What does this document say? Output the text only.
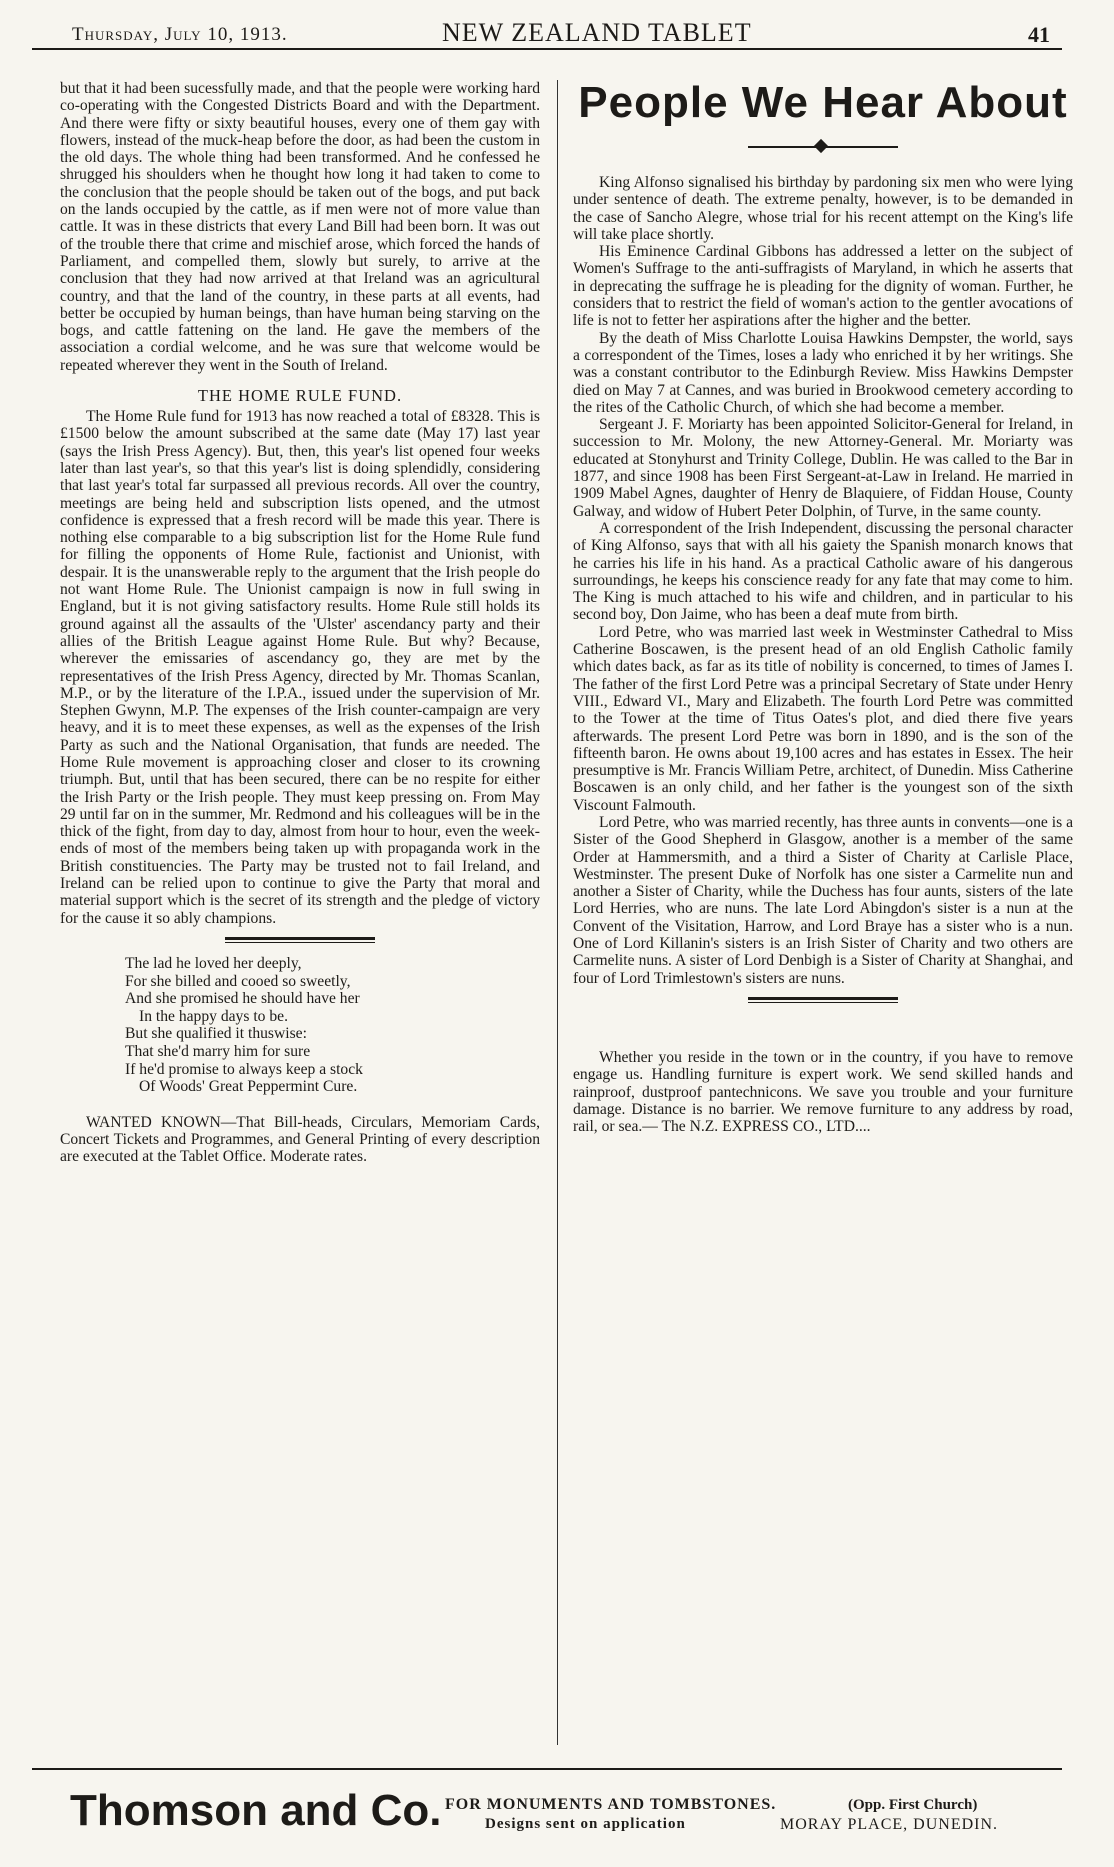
Thursday, July 10, 1913.	NEW ZEALAND TABLET	41

but that it had been sucessfully made, and that the people were working hard co-operating with the Congested Districts Board and with the Department. And there were fifty or sixty beautiful houses, every one of them gay with flowers, instead of the muck-heap before the door, as had been the custom in the old days. The whole thing had been transformed. And he confessed he shrugged his shoulders when he thought how long it had taken to come to the conclusion that the people should be taken out of the bogs, and put back on the lands occupied by the cattle, as if men were not of more value than cattle. It was in these districts that every Land Bill had been born. It was out of the trouble there that crime and mischief arose, which forced the hands of Parliament, and compelled them, slowly but surely, to arrive at the conclusion that they had now arrived at that Ireland was an agricultural country, and that the land of the country, in these parts at all events, had better be occupied by human beings, than have human being starving on the bogs, and cattle fattening on the land. He gave the members of the association a cordial welcome, and he was sure that welcome would be repeated wherever they went in the South of Ireland.

THE HOME RULE FUND.

The Home Rule fund for 1913 has now reached a total of £8328. This is £1500 below the amount subscribed at the same date (May 17) last year (says the Irish Press Agency). But, then, this year's list opened four weeks later than last year's, so that this year's list is doing splendidly, considering that last year's total far surpassed all previous records. All over the country, meetings are being held and subscription lists opened, and the utmost confidence is expressed that a fresh record will be made this year. There is nothing else comparable to a big subscription list for the Home Rule fund for filling the opponents of Home Rule, factionist and Unionist, with despair. It is the unanswerable reply to the argument that the Irish people do not want Home Rule. The Unionist campaign is now in full swing in England, but it is not giving satisfactory results. Home Rule still holds its ground against all the assaults of the 'Ulster' ascendancy party and their allies of the British League against Home Rule. But why? Because, wherever the emissaries of ascendancy go, they are met by the representatives of the Irish Press Agency, directed by Mr. Thomas Scanlan, M.P., or by the literature of the I.P.A., issued under the supervision of Mr. Stephen Gwynn, M.P. The expenses of the Irish counter-campaign are very heavy, and it is to meet these expenses, as well as the expenses of the Irish Party as such and the National Organisation, that funds are needed. The Home Rule movement is approaching closer and closer to its crowning triumph. But, until that has been secured, there can be no respite for either the Irish Party or the Irish people. They must keep pressing on. From May 29 until far on in the summer, Mr. Redmond and his colleagues will be in the thick of the fight, from day to day, almost from hour to hour, even the week-ends of most of the members being taken up with propaganda work in the British constituencies. The Party may be trusted not to fail Ireland, and Ireland can be relied upon to continue to give the Party that moral and material support which is the secret of its strength and the pledge of victory for the cause it so ably champions.

The lad he loved her deeply,

For she billed and cooed so sweetly,

And she promised he should have her

In the happy days to be.

But she qualified it thuswise:

That she'd marry him for sure

If he'd promise to always keep a stock

Of Woods' Great Peppermint Cure.

WANTED KNOWN—That Bill-heads, Circulars, Memoriam Cards, Concert Tickets and Programmes, and General Printing of every description are executed at the Tablet Office. Moderate rates.

People We Hear About

King Alfonso signalised his birthday by pardoning six men who were lying under sentence of death. The extreme penalty, however, is to be demanded in the case of Sancho Alegre, whose trial for his recent attempt on the King's life will take place shortly.

His Eminence Cardinal Gibbons has addressed a letter on the subject of Women's Suffrage to the anti-suffragists of Maryland, in which he asserts that in deprecating the suffrage he is pleading for the dignity of woman. Further, he considers that to restrict the field of woman's action to the gentler avocations of life is not to fetter her aspirations after the higher and the better.

By the death of Miss Charlotte Louisa Hawkins Dempster, the world, says a correspondent of the Times, loses a lady who enriched it by her writings. She was a constant contributor to the Edinburgh Review. Miss Hawkins Dempster died on May 7 at Cannes, and was buried in Brookwood cemetery according to the rites of the Catholic Church, of which she had become a member.

Sergeant J. F. Moriarty has been appointed Solicitor-General for Ireland, in succession to Mr. Molony, the new Attorney-General. Mr. Moriarty was educated at Stonyhurst and Trinity College, Dublin. He was called to the Bar in 1877, and since 1908 has been First Sergeant-at-Law in Ireland. He married in 1909 Mabel Agnes, daughter of Henry de Blaquiere, of Fiddan House, County Galway, and widow of Hubert Peter Dolphin, of Turve, in the same county.

A correspondent of the Irish Independent, discussing the personal character of King Alfonso, says that with all his gaiety the Spanish monarch knows that he carries his life in his hand. As a practical Catholic aware of his dangerous surroundings, he keeps his conscience ready for any fate that may come to him. The King is much attached to his wife and children, and in particular to his second boy, Don Jaime, who has been a deaf mute from birth.

Lord Petre, who was married last week in Westminster Cathedral to Miss Catherine Boscawen, is the present head of an old English Catholic family which dates back, as far as its title of nobility is concerned, to times of James I. The father of the first Lord Petre was a principal Secretary of State under Henry VIII., Edward VI., Mary and Elizabeth. The fourth Lord Petre was committed to the Tower at the time of Titus Oates's plot, and died there five years afterwards. The present Lord Petre was born in 1890, and is the son of the fifteenth baron. He owns about 19,100 acres and has estates in Essex. The heir presumptive is Mr. Francis William Petre, architect, of Dunedin. Miss Catherine Boscawen is an only child, and her father is the youngest son of the sixth Viscount Falmouth.

Lord Petre, who was married recently, has three aunts in convents—one is a Sister of the Good Shepherd in Glasgow, another is a member of the same Order at Hammersmith, and a third a Sister of Charity at Carlisle Place, Westminster. The present Duke of Norfolk has one sister a Carmelite nun and another a Sister of Charity, while the Duchess has four aunts, sisters of the late Lord Herries, who are nuns. The late Lord Abingdon's sister is a nun at the Convent of the Visitation, Harrow, and Lord Braye has a sister who is a nun. One of Lord Killanin's sisters is an Irish Sister of Charity and two others are Carmelite nuns. A sister of Lord Denbigh is a Sister of Charity at Shanghai, and four of Lord Trimlestown's sisters are nuns.

Whether you reside in the town or in the country, if you have to remove engage us. Handling furniture is expert work. We send skilled hands and rainproof, dustproof pantechnicons. We save you trouble and your furniture damage. Distance is no barrier. We remove furniture to any address by road, rail, or sea.— The N.Z. EXPRESS CO., LTD....

Thomson and Co. FOR MONUMENTS AND TOMBSTONES.
Designs sent on application
(Opp. First Church)
MORAY PLACE, DUNEDIN.
